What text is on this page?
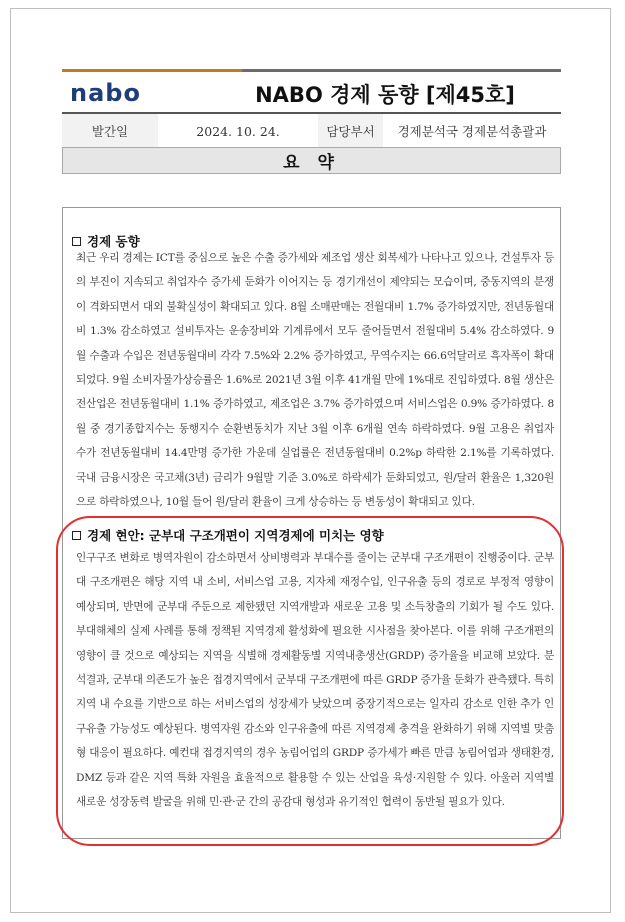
nabo	NABO 경제 동향 [제45호]
발간일	2024. 10. 24.	담당부서	경제분석국 경제분석총괄과
요 약
경제 동향
최근 우리 경제는 ICT를 중심으로 높은 수출 증가세와 제조업 생산 회복세가 나타나고 있으나, 건설투자 등의 부진이 지속되고 취업자수 증가세 둔화가 이어지는 등 경기개선이 제약되는 모습이며, 중동지역의 분쟁이 격화되면서 대외 불확실성이 확대되고 있다. 8월 소매판매는 전월대비 1.7% 증가하였지만, 전년동월대비 1.3% 감소하였고 설비투자는 운송장비와 기계류에서 모두 줄어들면서 전월대비 5.4% 감소하였다. 9월 수출과 수입은 전년동월대비 각각 7.5%와 2.2% 증가하였고, 무역수지는 66.6억달러로 흑자폭이 확대되었다. 9월 소비자물가상승률은 1.6%로 2021년 3월 이후 41개월 만에 1%대로 진입하였다. 8월 생산은 전산업은 전년동월대비 1.1% 증가하였고, 제조업은 3.7% 증가하였으며 서비스업은 0.9% 증가하였다. 8월 중 경기종합지수는 동행지수 순환변동치가 지난 3월 이후 6개월 연속 하락하였다. 9월 고용은 취업자 수가 전년동월대비 14.4만명 증가한 가운데 실업률은 전년동월대비 0.2%p 하락한 2.1%를 기록하였다. 국내 금융시장은 국고채(3년) 금리가 9월말 기준 3.0%로 하락세가 둔화되었고, 원/달러 환율은 1,320원으로 하락하였으나, 10월 들어 원/달러 환율이 크게 상승하는 등 변동성이 확대되고 있다.
경제 현안: 군부대 구조개편이 지역경제에 미치는 영향
인구구조 변화로 병역자원이 감소하면서 상비병력과 부대수를 줄이는 군부대 구조개편이 진행중이다. 군부대 구조개편은 해당 지역 내 소비, 서비스업 고용, 지자체 재정수입, 인구유출 등의 경로로 부정적 영향이 예상되며, 반면에 군부대 주둔으로 제한됐던 지역개발과 새로운 고용 및 소득창출의 기회가 될 수도 있다. 부대해체의 실제 사례를 통해 정책된 지역경제 활성화에 필요한 시사점을 찾아본다. 이를 위해 구조개편의 영향이 클 것으로 예상되는 지역을 식별해 경제활동별 지역내총생산(GRDP) 증가율을 비교해 보았다. 분석결과, 군부대 의존도가 높은 접경지역에서 군부대 구조개편에 따른 GRDP 증가율 둔화가 관측됐다. 특히 지역 내 수요를 기반으로 하는 서비스업의 성장세가 낮았으며 중장기적으로는 일자리 감소로 인한 추가 인구유출 가능성도 예상된다. 병역자원 감소와 인구유출에 따른 지역경제 충격을 완화하기 위해 지역별 맞춤형 대응이 필요하다. 예컨대 접경지역의 경우 농림어업의 GRDP 증가세가 빠른 만큼 농림어업과 생태환경, DMZ 등과 같은 지역 특화 자원을 효율적으로 활용할 수 있는 산업을 육성·지원할 수 있다. 아울러 지역별 새로운 성장동력 발굴을 위해 민·관·군 간의 공감대 형성과 유기적인 협력이 동반될 필요가 있다.
